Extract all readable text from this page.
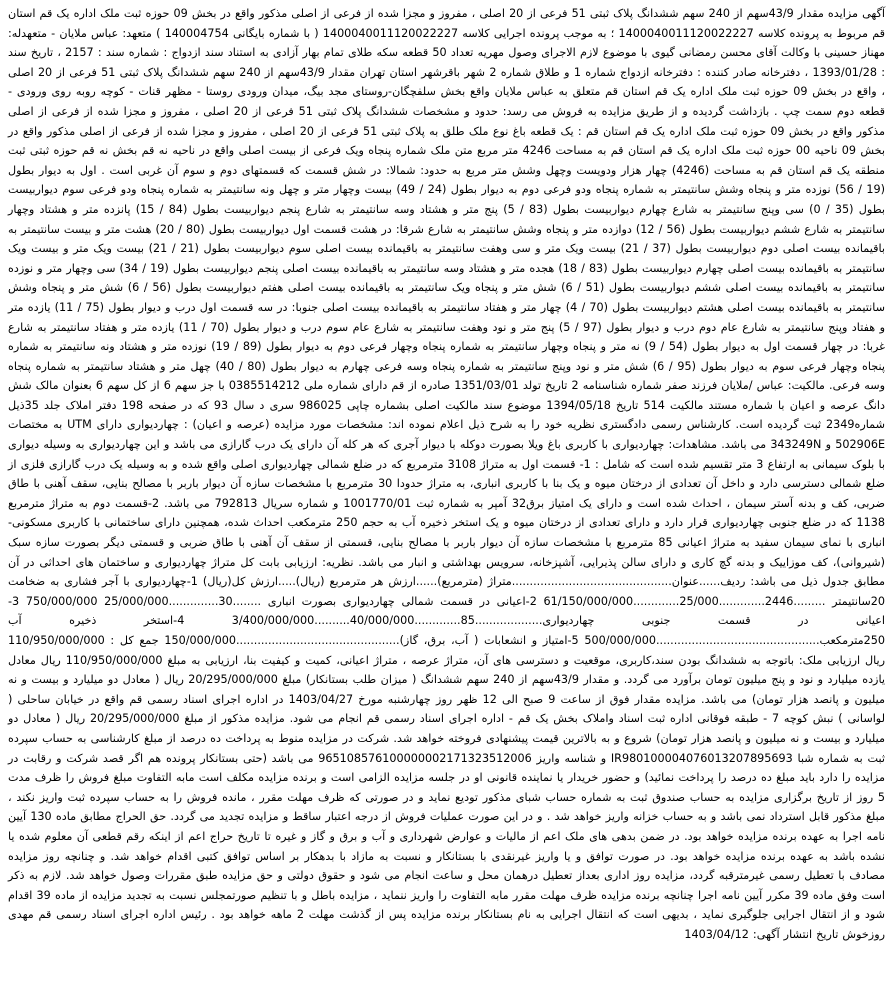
آگهی مزایده مقدار 43/9سهم از 240 سهم ششدانگ پلاک ثبتی 51 فرعی از 20 اصلی ، مفروز و مجزا شده از فرعی از اصلی مذکور واقع در بخش 09 حوزه ثبت ملک اداره یک قم استان قم مربوط به پرونده کلاسه 1400040011120022227 ؛ به موجب پرونده اجرایی کلاسه 1400040011120022227 ( با شماره بایگانی 140004754 ) متعهد: عباس ملایان - متعهدله: مهناز حسینی با وکالت آقای محسن رمضانی گیوی با موضوع لازم الاجرای وصول مهریه تعداد 50 قطعه سکه طلای تمام بهار آزادی به استناد سند ازدواج : شماره سند : 2157 ، تاریخ سند : 1393/01/28 ، دفترخانه صادر کننده : دفترخانه ازدواج شماره 1 و طلاق شماره 2 شهر باقرشهر استان تهران مقدار 43/9سهم از 240 سهم ششدانگ پلاک ثبتی 51 فرعی از 20 اصلی ، واقع در بخش 09 حوزه ثبت ملک اداره یک قم استان قم متعلق به عباس ملایان واقع بخش سلفچگان-روستای مجد بیگ، میدان ورودی روستا - مظهر قنات - کوچه روبه روی ورودی - قطعه دوم سمت چپ . بازداشت گردیده و از طریق مزایده به فروش می رسد: حدود و مشخصات ششدانگ پلاک ثبتی 51 فرعی از 20 اصلی ، مفروز و مجزا شده از فرعی از اصلی مذکور واقع در بخش 09 حوزه ثبت ملک اداره یک قم استان قم : یک قطعه باغ نوع ملک طلق به پلاک ثبتی 51 فرعی از 20 اصلی ، مفروز و مجزا شده از فرعی از اصلی مذکور واقع در بخش 09 ناحیه 00 حوزه ثبت ملک اداره یک قم استان قم به مساحت 4246 متر مربع متن ملک شماره پنجاه ویک فرعی از بیست اصلی واقع در ناحیه نه قم بخش نه قم حوزه ثبتی ثبت منطقه یک قم استان قم به مساحت (4246) چهار هزار ودویست وچهل وشش متر مربع به حدود: شمالا: در شش قسمت که قسمتهای دوم و سوم آن غربی است . اول به دیوار بطول (19 / 56) نوزده متر و پنجاه وشش سانتیمتر به شماره پنجاه ودو فرعی دوم به دیوار بطول (24 / 49) بیست وچهار متر و چهل ونه سانتیمتر به شماره پنجاه ودو فرعی سوم دیواربیست بطول (35 / 0) سی وپنج سانتیمتر به شارع چهارم دیواربیست بطول (83 / 5) پنج متر و هشتاد وسه سانتیمتر به شارع پنجم دیواربیست بطول (84 / 15) پانزده متر و هشتاد وچهار سانتیمتر به شارع ششم دیواربیست بطول (56 / 12) دوازده متر و پنجاه وشش سانتیمتر به شارع شرقا: در هشت قسمت اول دیواربیست بطول (80 / 20) هشت متر و بیست سانتیمتر به باقیمانده بیست اصلی دوم دیواربیست بطول (37 / 21) بیست ویک متر و سی وهفت سانتیمتر به باقیمانده بیست اصلی سوم دیواربیست بطول (21 / 21) بیست ویک متر و بیست ویک سانتیمتر به باقیمانده بیست اصلی چهارم دیواربیست بطول (83 / 18) هجده متر و هشتاد وسه سانتیمتر به باقیمانده بیست اصلی پنجم دیواربیست بطول (19 / 34) سی وچهار متر و نوزده سانتیمتر به باقیمانده بیست اصلی ششم دیواربیست بطول (51 / 6) شش متر و پنجاه ویک سانتیمتر به باقیمانده بیست اصلی هفتم دیواربیست بطول (56 / 6) شش متر و پنجاه وشش سانتیمتر به باقیمانده بیست اصلی هشتم دیواربیست بطول (70 / 4) چهار متر و هفتاد سانتیمتر به باقیمانده بیست اصلی جنوبا: در سه قسمت اول درب و دیوار بطول (75 / 11) یازده متر و هفتاد وپنج سانتیمتر به شارع عام دوم درب و دیوار بطول (97 / 5) پنج متر و نود وهفت سانتیمتر به شارع عام سوم درب و دیوار بطول (70 / 11) یازده متر و هفتاد سانتیمتر به شارع غربا: در چهار قسمت اول به دیوار بطول (54 / 9) نه متر و پنجاه وچهار سانتیمتر به شماره پنجاه وچهار فرعی دوم به دیوار بطول (89 / 19) نوزده متر و هشتاد ونه سانتیمتر به شماره پنجاه وچهار فرعی سوم به دیوار بطول (95 / 6) شش متر و نود وپنج سانتیمتر به شماره پنجاه وسه فرعی چهارم به دیوار بطول (80 / 40) چهل متر و هشتاد سانتیمتر به شماره پنجاه وسه فرعی. مالکیت: عباس /ملایان فرزند صفر شماره شناسنامه 2 تاریخ تولد 1351/03/01 صادره از قم دارای شماره ملی 0385514212 با جز سهم 6 از کل سهم 6 بعنوان مالک شش دانگ عرصه و اعیان با شماره مستند مالکیت 514 تاریخ 1394/05/18 موضوع سند مالکیت اصلی بشماره چاپی 986025 سری د سال 93 که در صفحه 198 دفتر املاک جلد 35ذیل شماره2349 ثبت گردیده است. کارشناس رسمی دادگستری نظریه خود را به شرح ذیل اعلام نموده اند: مشخصات مورد مزایده (عرصه و اعیان) : چهاردیواری دارای UTM به مختصات 502906E و 343249N می باشد. مشاهدات: چهاردیواری با کاربری باغ ویلا بصورت دوکله با دیوار آجری که هر کله آن دارای یک درب گارازی می باشد و این چهاردیواری به وسیله دیواری با بلوک سیمانی به ارتفاع 3 متر تقسیم شده است که شامل : 1- قسمت اول به متراژ 3108 مترمربع که در ضلع شمالی چهاردیواری اصلی واقع شده و به وسیله یک درب گارازی فلزی از ضلع شمالی دسترسی دارد و داخل آن تعدادی از درختان میوه و یک بنا با کاربری انباری، به متراژ حدودا 30 مترمربع با مشخصات سازه آن دیوار باربر با مصالح بنایی، سقف آهنی با طاق ضربی، کف و بدنه آستر سیمان ، احداث شده است و دارای یک امتیاز برق32 آمپر به شماره ثبت 1001770/01 و شماره سریال 792813 می باشد. 2-قسمت دوم به متراژ مترمربع 1138 که در ضلع جنوبی چهاردیواری قرار دارد و دارای تعدادی از درختان میوه و یک استخر ذخیره آب به حجم 250 مترمکعب احداث شده، همچنین دارای ساختمانی با کاربری مسکونی- انباری با نمای سیمان سفید به متراژ اعیانی 85 مترمربع با مشخصات سازه آن دیوار باربر با مصالح بنایی، قسمتی از سقف آن آهنی با طاق ضربی و قسمتی دیگر بصورت سازه سبک (شیروانی)، کف موزاییک و بدنه گچ کاری و دارای سالن پذیرایی، آشپزخانه، سرویس بهداشتی و انبار می باشد. نظریه: ارزیابی بابت کل متراژ چهاردیواری و ساختمان های احداثی در آن مطابق جدول ذیل می باشد: ردیف......عنوان.............................................متراژ (مترمربع)......ارزش هر مترمربع (ریال).....ارزش کل(ریال) 1-چهاردیواری با آجر فشاری به ضخامت 20سانتیمتر .........2446.............25/000.............61/150/000/000 2-اعیانی در قسمت شمالی چهاردیواری بصورت انباری ........30..............25/000/000 750/000/000 3-اعیانی در قسمت جنوبی چهاردیواری...................85.............40/000/000..........3/400/000/000 4-استخر ذخیره آب 250مترمکعب..............................................500/000/000 5-امتیاز و انشعابات ( آب، برق، گاز)..............................................150/000/000 جمع کل : 110/950/000/000 ریال ارزیابی ملک: باتوجه به ششدانگ بودن سند،کاربری، موقعیت و دسترسی های آن، متراژ عرصه ، متراژ اعیانی، کمیت و کیفیت بنا، ارزیابی به مبلغ 110/950/000/000 ریال معادل یازده میلیارد و نود و پنج میلیون تومان برآورد می گردد. و مقدار 43/9سهم از 240 سهم ششدانگ ( میزان طلب بستانکار) مبلغ 20/295/000/000 ریال ( معادل دو میلیارد و بیست و نه میلیون و پانصد هزار تومان) می باشد. مزایده مقدار فوق از ساعت 9 صبح الی 12 ظهر روز چهارشنبه مورخ 1403/04/27 در اداره اجرای اسناد رسمی قم واقع در خیابان ساحلی ( لواسانی ) نبش کوچه 7 - طبقه فوقانی اداره ثبت اسناد واملاک بخش یک قم - اداره اجرای اسناد رسمی قم انجام می شود. مزایده مذکور از مبلغ 20/295/000/000 ریال ( معادل دو میلیارد و بیست و نه میلیون و پانصد هزار تومان) شروع و به بالاترین قیمت پیشنهادی فروخته خواهد شد. شرکت در مزایده منوط به پرداخت ده درصد از مبلغ کارشناسی به حساب سپرده ثبت به شماره شبا IR980100004076013207895693 و شناسه واریز 965108576100000002171323512006 می باشد (حتی بستانکار پرونده هم اگر قصد شرکت و رقابت در مزایده را دارد باید مبلغ ده درصد را پرداخت نمائید) و حضور خریدار یا نماینده قانونی او در جلسه مزایده الزامی است و برنده مزایده مکلف است مابه التفاوت مبلغ فروش را ظرف مدت 5 روز از تاریخ برگزاری مزایده به حساب صندوق ثبت به شماره حساب شبای مذکور تودیع نماید و در صورتی که ظرف مهلت مقرر ، مانده فروش را به حساب سپرده ثبت واریز نکند ، مبلغ مذکور قابل استرداد نمی باشد و به حساب خزانه واریز خواهد شد . و در این صورت عملیات فروش از درجه اعتبار ساقط و مزایده تجدید می گردد. حق الحراج مطابق ماده 130 آیین نامه اجرا به عهده برنده مزایده خواهد بود. در ضمن بدهی های ملک اعم از مالیات و عوارض شهرداری و آب و برق و گاز و غیره تا تاریخ حراج اعم از اینکه رقم قطعی آن معلوم شده یا نشده باشد به عهده برنده مزایده خواهد بود. در صورت توافق و یا واریز غیرنقدی با بستانکار و نسبت به مازاد با بدهکار بر اساس توافق کتبی اقدام خواهد شد. و چنانچه روز مزایده مصادف با تعطیل رسمی غیرمترقبه گردد، مزایده روز اداری بعداز تعطیل درهمان محل و ساعت انجام می شود و حقوق دولتی و حق مزایده طبق مقررات وصول خواهد شد. لازم به ذکر است وفق ماده 39 مکرر آیین نامه اجرا چنانچه برنده مزایده ظرف مهلت مقرر مابه التفاوت را واریز ننماید ، مزایده باطل و با تنظیم صورتمجلس نسبت به تجدید مزایده از ماده 39 اقدام شود و از انتقال اجرایی جلوگیری نماید ، بدیهی است که انتقال اجرایی به نام بستانکار برنده مزایده پس از گذشت مهلت 2 ماهه خواهد بود . رئیس اداره اجرای اسناد رسمی قم مهدی روزخوش تاریخ انتشار آگهی: 1403/04/12
